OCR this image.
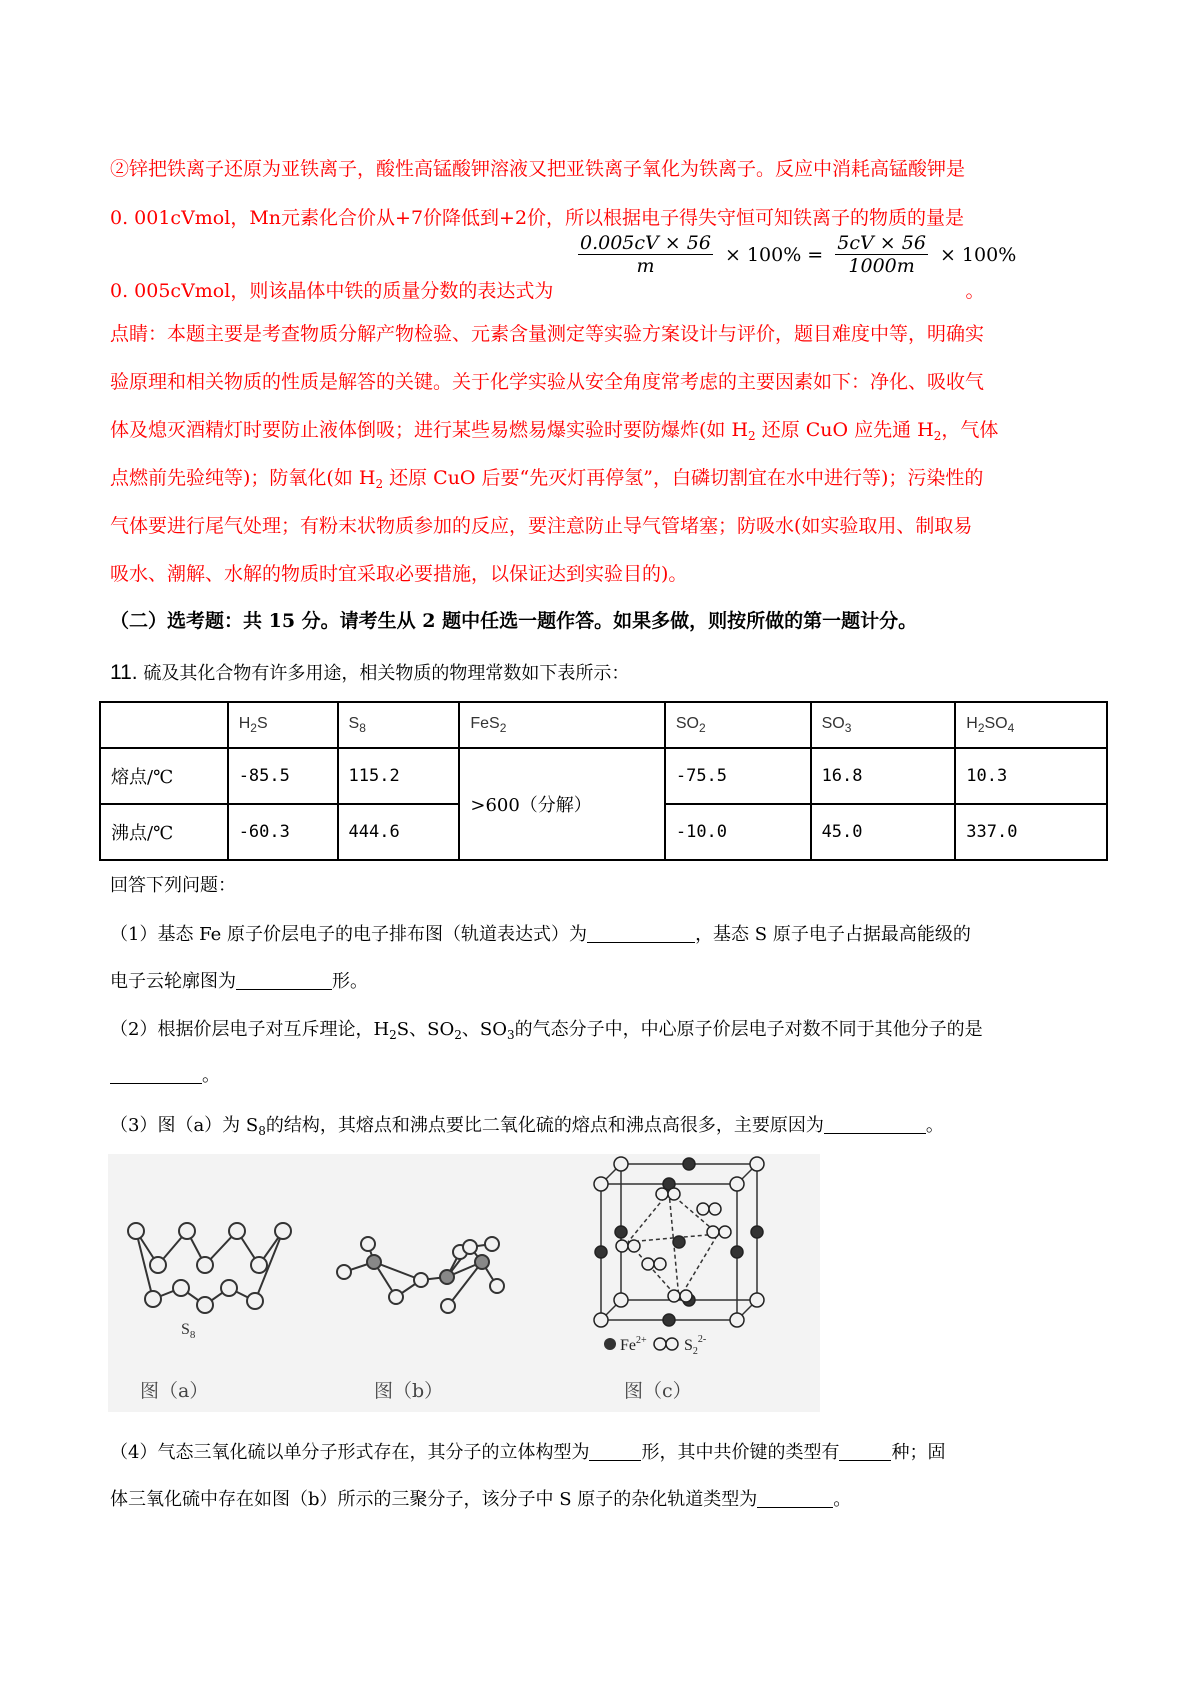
②锌把铁离子还原为亚铁离子，酸性高锰酸钾溶液又把亚铁离子氧化为铁离子。反应中消耗高锰酸钾是
0. 001cVmol，Mn元素化合价从+7价降低到+2价，所以根据电子得失守恒可知铁离子的物质的量是
0. 005cVmol，则该晶体中铁的质量分数的表达式为	。
$\frac{0.005cV \times 56}{m} \times 100\% = \frac{5cV \times 56}{1000m} \times 100\%$
点睛：本题主要是考查物质分解产物检验、元素含量测定等实验方案设计与评价，题目难度中等，明确实
验原理和相关物质的性质是解答的关键。关于化学实验从安全角度常考虑的主要因素如下：净化、吸收气
体及熄灭酒精灯时要防止液体倒吸；进行某些易燃易爆实验时要防爆炸(如 $H_2$ 还原 CuO 应先通 $H_2$，气体
点燃前先验纯等)；防氧化(如 $H_2$ 还原 CuO 后要“先灭灯再停氢”，白磷切割宜在水中进行等)；污染性的
气体要进行尾气处理；有粉末状物质参加的反应，要注意防止导气管堵塞；防吸水(如实验取用、制取易
吸水、潮解、水解的物质时宜采取必要措施，以保证达到实验目的)。
（二）选考题：共 15 分。请考生从 2 题中任选一题作答。如果多做，则按所做的第一题计分。
11. 硫及其化合物有许多用途，相关物质的物理常数如下表所示：
	$H_2S$	$S_8$	FeS$_2$	$SO_2$	$SO_3$	$H_2SO_4$
熔点/℃	-85.5	115.2	>600（分解）	-75.5	16.8	10.3
沸点/℃	-60.3	444.6		-10.0	45.0	337.0
回答下列问题：
（1）基态 Fe 原子价层电子的电子排布图（轨道表达式）为	，基态 S 原子电子占据最高能级的
电子云轮廓图为	形。
（2）根据价层电子对互斥理论，$H_2S$、$SO_2$、$SO_3$的气态分子中，中心原子价层电子对数不同于其他分子的是
。
（3）图（a）为 $S_8$的结构，其熔点和沸点要比二氧化硫的熔点和沸点高很多，主要原因为	。
$S_8$
$Fe^{2+}$ $S_2^{2-}$
图（a）	图（b）	图（c）
（4）气态三氧化硫以单分子形式存在，其分子的立体构型为	形，其中共价键的类型有	种；固
体三氧化硫中存在如图（b）所示的三聚分子，该分子中 S 原子的杂化轨道类型为	。
